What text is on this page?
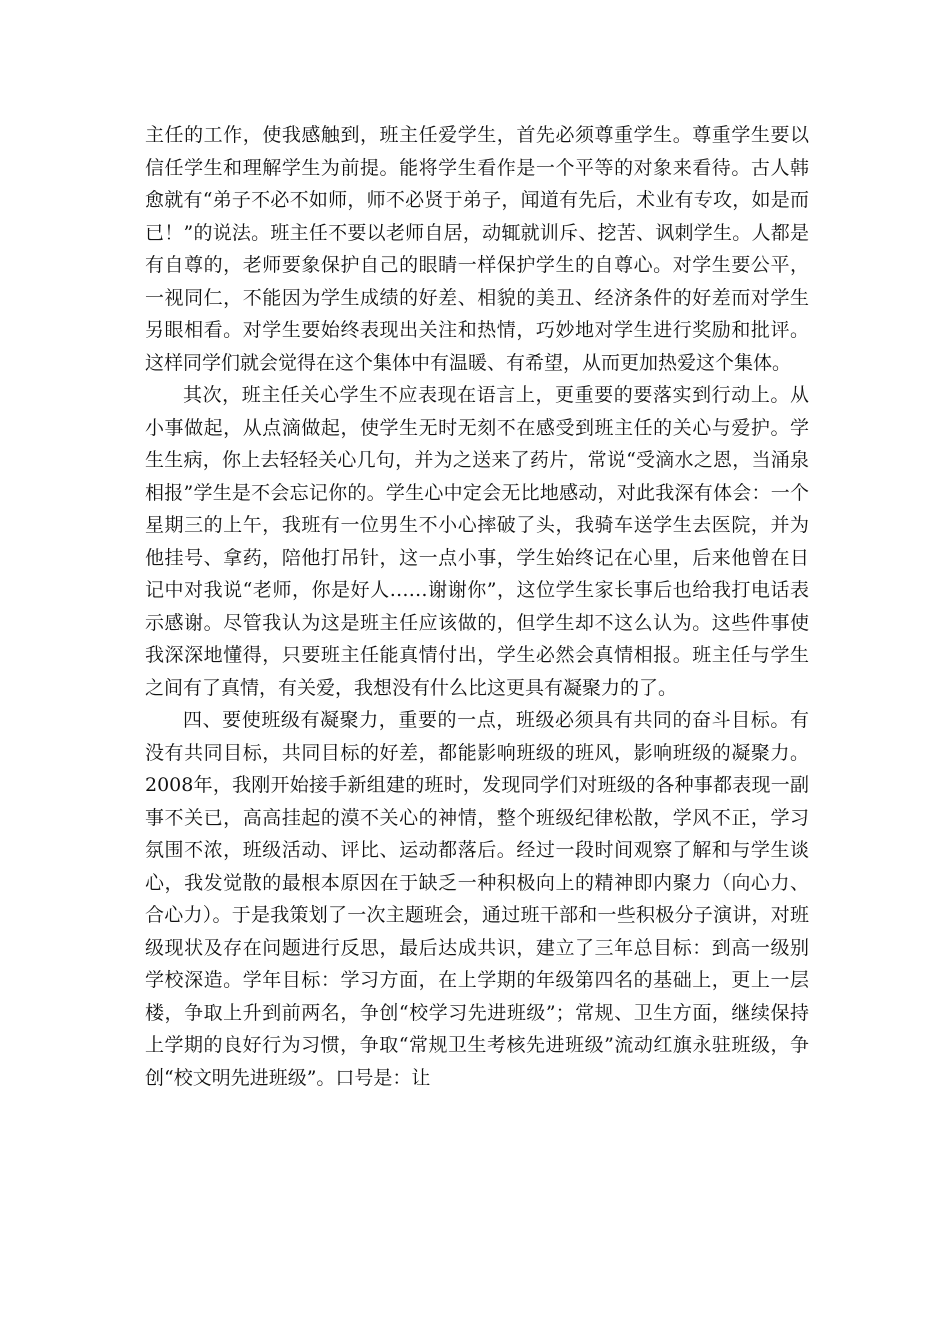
主任的工作，使我感触到，班主任爱学生，首先必须尊重学生。尊重学生要以信任学生和理解学生为前提。能将学生看作是一个平等的对象来看待。古人韩愈就有“弟子不必不如师，师不必贤于弟子，闻道有先后，术业有专攻，如是而已！”的说法。班主任不要以老师自居，动辄就训斥、挖苦、讽刺学生。人都是有自尊的，老师要象保护自己的眼睛一样保护学生的自尊心。对学生要公平，一视同仁，不能因为学生成绩的好差、相貌的美丑、经济条件的好差而对学生另眼相看。对学生要始终表现出关注和热情，巧妙地对学生进行奖励和批评。这样同学们就会觉得在这个集体中有温暖、有希望，从而更加热爱这个集体。

其次，班主任关心学生不应表现在语言上，更重要的要落实到行动上。从小事做起，从点滴做起，使学生无时无刻不在感受到班主任的关心与爱护。学生生病，你上去轻轻关心几句，并为之送来了药片，常说“受滴水之恩，当涌泉相报”学生是不会忘记你的。学生心中定会无比地感动，对此我深有体会：一个星期三的上午，我班有一位男生不小心摔破了头，我骑车送学生去医院，并为他挂号、拿药，陪他打吊针，这一点小事，学生始终记在心里，后来他曾在日记中对我说“老师，你是好人……谢谢你”，这位学生家长事后也给我打电话表示感谢。尽管我认为这是班主任应该做的，但学生却不这么认为。这些件事使我深深地懂得，只要班主任能真情付出，学生必然会真情相报。班主任与学生之间有了真情，有关爱，我想没有什么比这更具有凝聚力的了。

四、要使班级有凝聚力，重要的一点，班级必须具有共同的奋斗目标。有没有共同目标，共同目标的好差，都能影响班级的班风，影响班级的凝聚力。2008年，我刚开始接手新组建的班时，发现同学们对班级的各种事都表现一副事不关已，高高挂起的漠不关心的神情，整个班级纪律松散，学风不正，学习氛围不浓，班级活动、评比、运动都落后。经过一段时间观察了解和与学生谈心，我发觉散的最根本原因在于缺乏一种积极向上的精神即内聚力（向心力、合心力）。于是我策划了一次主题班会，通过班干部和一些积极分子演讲，对班级现状及存在问题进行反思，最后达成共识，建立了三年总目标：到高一级别学校深造。学年目标：学习方面，在上学期的年级第四名的基础上，更上一层楼，争取上升到前两名，争创“校学习先进班级”；常规、卫生方面，继续保持上学期的良好行为习惯，争取“常规卫生考核先进班级”流动红旗永驻班级，争创“校文明先进班级”。口号是：让
